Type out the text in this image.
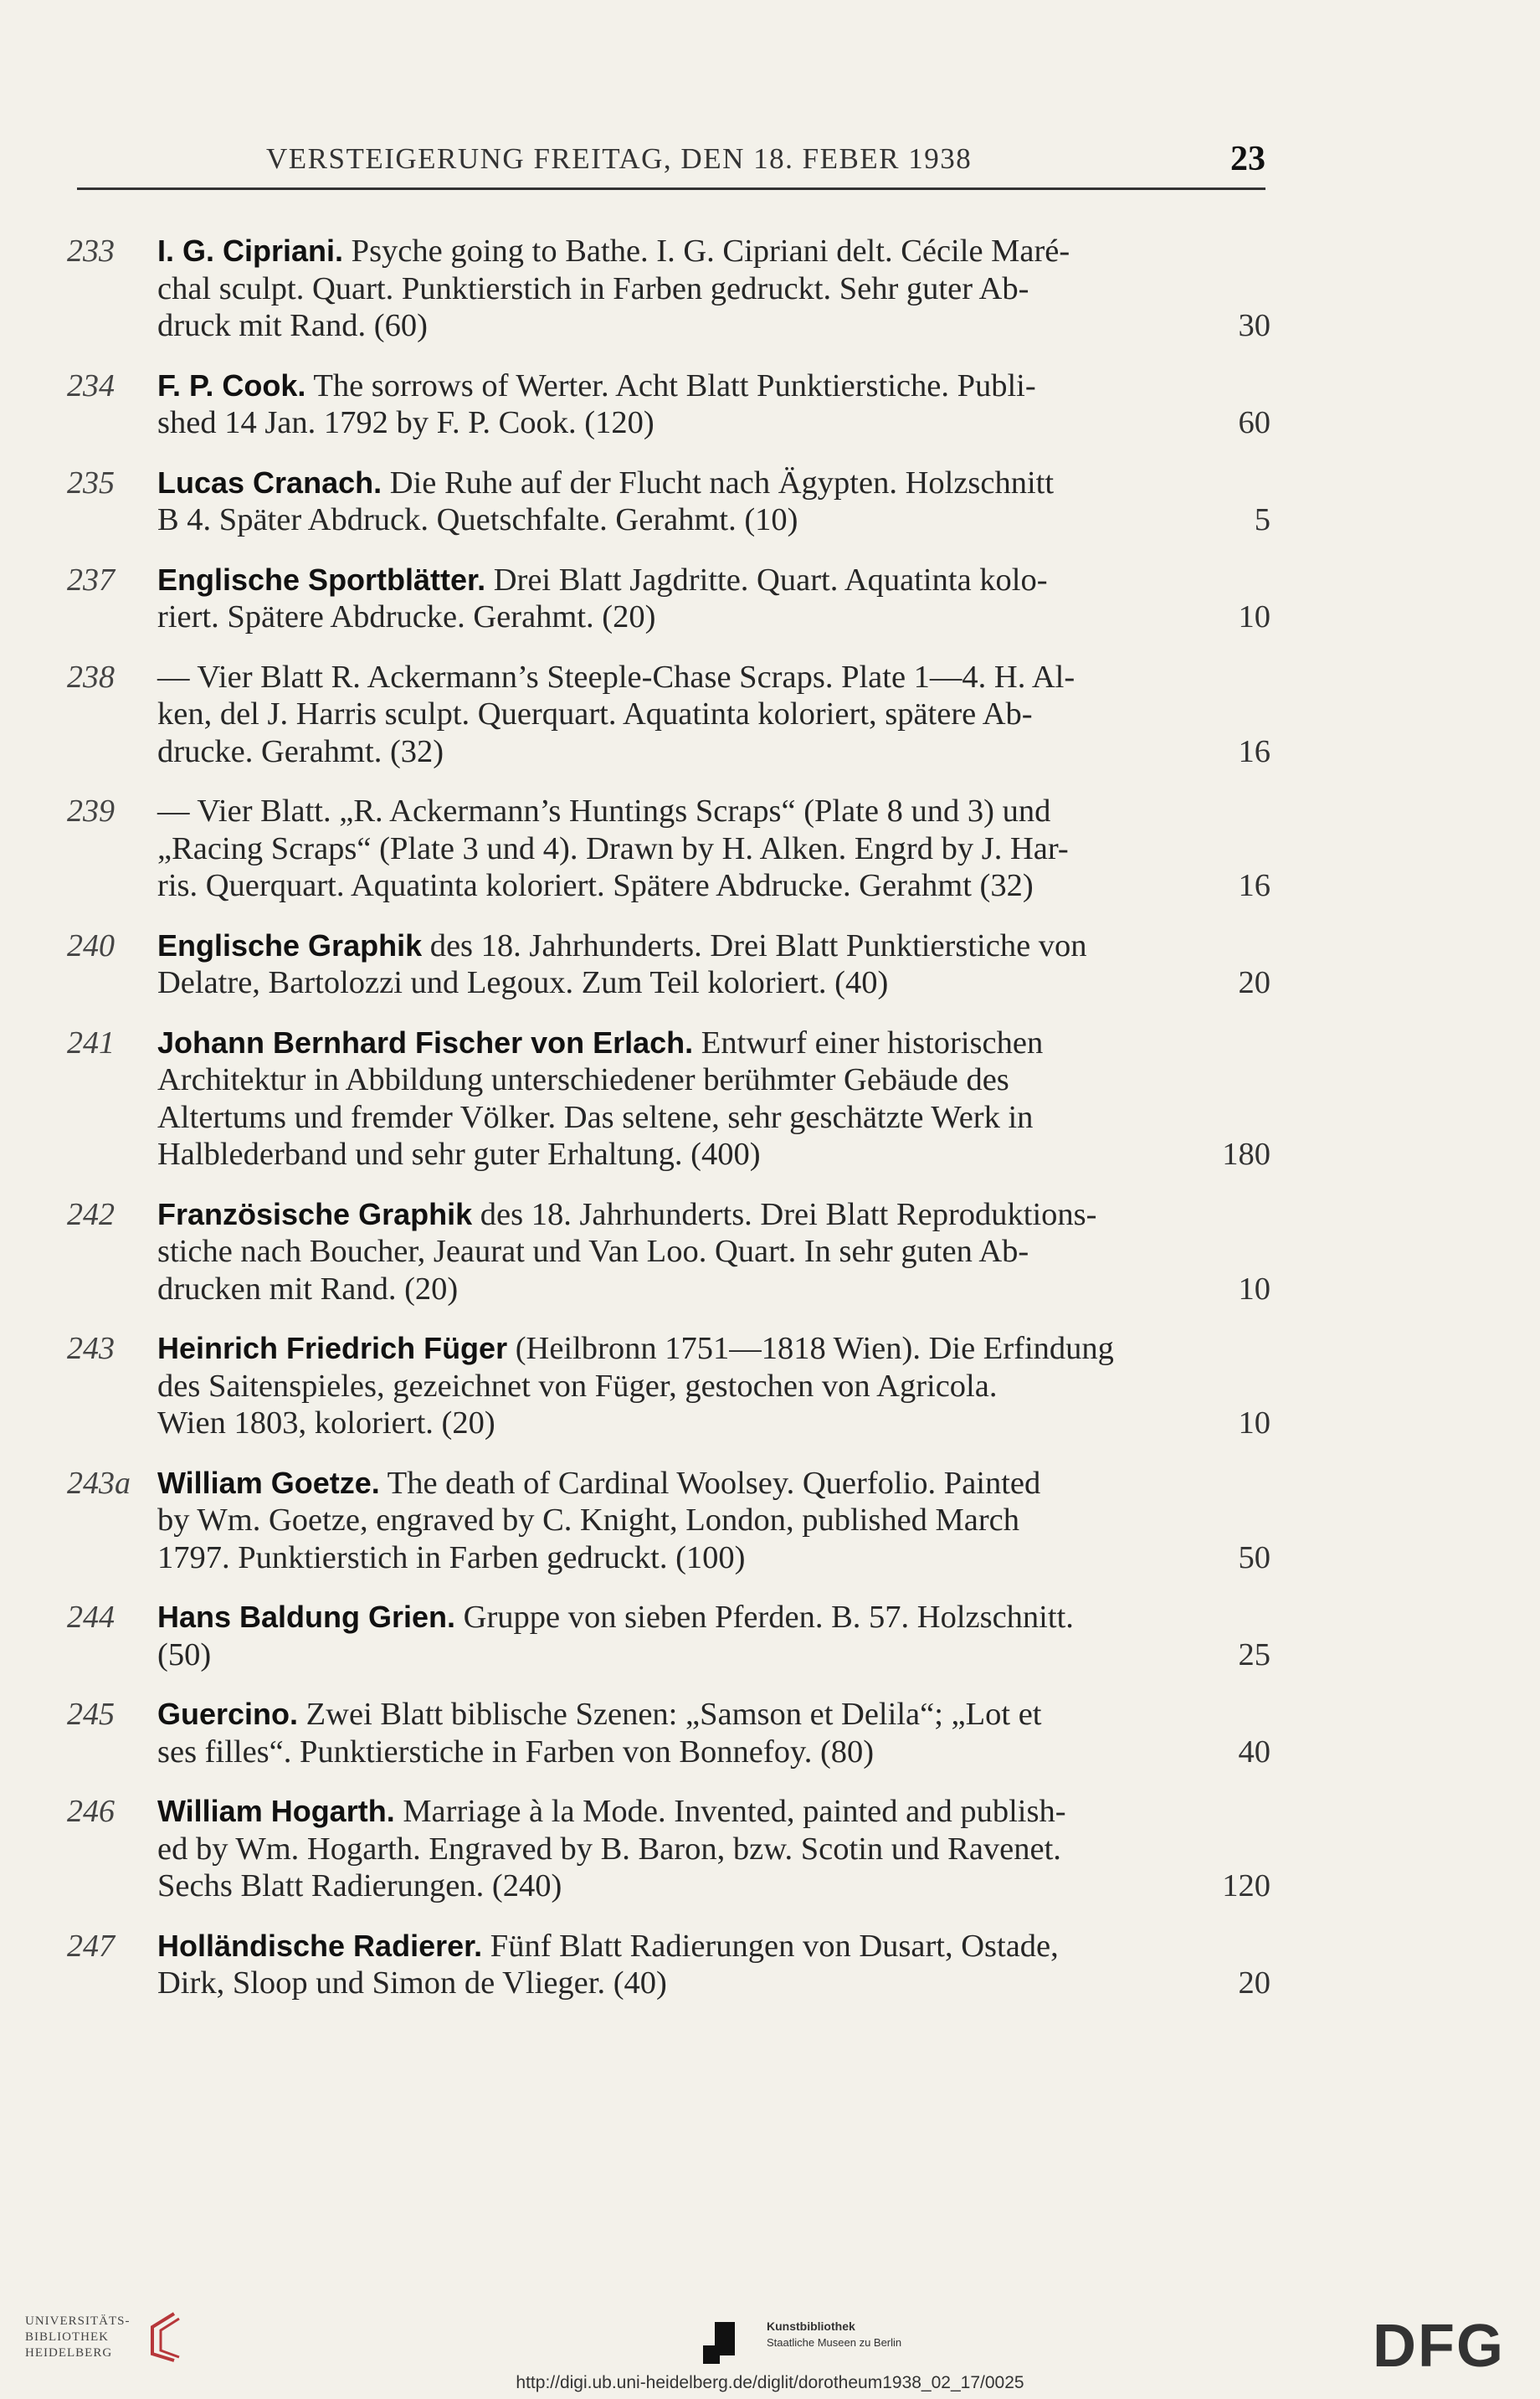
VERSTEIGERUNG FREITAG, DEN 18. FEBER 1938	23
233	I. G. Cipriani. Psyche going to Bathe. I. G. Cipriani delt. Cécile Maré-
chal sculpt. Quart. Punktierstich in Farben gedruckt. Sehr guter Ab-
druck mit Rand. (60)	30
234	F. P. Cook. The sorrows of Werter. Acht Blatt Punktierstiche. Publi-
shed 14 Jan. 1792 by F. P. Cook. (120)	60
235	Lucas Cranach. Die Ruhe auf der Flucht nach Ägypten. Holzschnitt
B 4. Später Abdruck. Quetschfalte. Gerahmt. (10)	5
237	Englische Sportblätter. Drei Blatt Jagdritte. Quart. Aquatinta kolo-
riert. Spätere Abdrucke. Gerahmt. (20)	10
238	— Vier Blatt R. Ackermann’s Steeple-Chase Scraps. Plate 1—4. H. Al-
ken, del J. Harris sculpt. Querquart. Aquatinta koloriert, spätere Ab-
drucke. Gerahmt. (32)	16
239	— Vier Blatt. „R. Ackermann’s Huntings Scraps“ (Plate 8 und 3) und
„Racing Scraps“ (Plate 3 und 4). Drawn by H. Alken. Engrd by J. Har-
ris. Querquart. Aquatinta koloriert. Spätere Abdrucke. Gerahmt (32)	16
240	Englische Graphik des 18. Jahrhunderts. Drei Blatt Punktierstiche von
Delatre, Bartolozzi und Legoux. Zum Teil koloriert. (40)	20
241	Johann Bernhard Fischer von Erlach. Entwurf einer historischen
Architektur in Abbildung unterschiedener berühmter Gebäude des
Altertums und fremder Völker. Das seltene, sehr geschätzte Werk in
Halblederband und sehr guter Erhaltung. (400)	180
242	Französische Graphik des 18. Jahrhunderts. Drei Blatt Reproduktions-
stiche nach Boucher, Jeaurat und Van Loo. Quart. In sehr guten Ab-
drucken mit Rand. (20)	10
243	Heinrich Friedrich Füger (Heilbronn 1751—1818 Wien). Die Erfindung
des Saitenspieles, gezeichnet von Füger, gestochen von Agricola.
Wien 1803, koloriert. (20)	10
243a William Goetze. The death of Cardinal Woolsey. Querfolio. Painted
by Wm. Goetze, engraved by C. Knight, London, published March
1797. Punktierstich in Farben gedruckt. (100)	50
244	Hans Baldung Grien. Gruppe von sieben Pferden. B. 57. Holzschnitt.
(50)	25
245	Guercino. Zwei Blatt biblische Szenen: „Samson et Delila“; „Lot et
ses filles“. Punktierstiche in Farben von Bonnefoy. (80)	40
246	William Hogarth. Marriage à la Mode. Invented, painted and publish-
ed by Wm. Hogarth. Engraved by B. Baron, bzw. Scotin und Ravenet.
Sechs Blatt Radierungen. (240)	120
247	Holländische Radierer. Fünf Blatt Radierungen von Dusart, Ostade,
Dirk, Sloop und Simon de Vlieger. (40)	20
UNIVERSITÄTS-
BIBLIOTHEK
HEIDELBERG
Kunstbibliothek
Staatliche Museen zu Berlin	DFG
http://digi.ub.uni-heidelberg.de/diglit/dorotheum1938_02_17/0025
